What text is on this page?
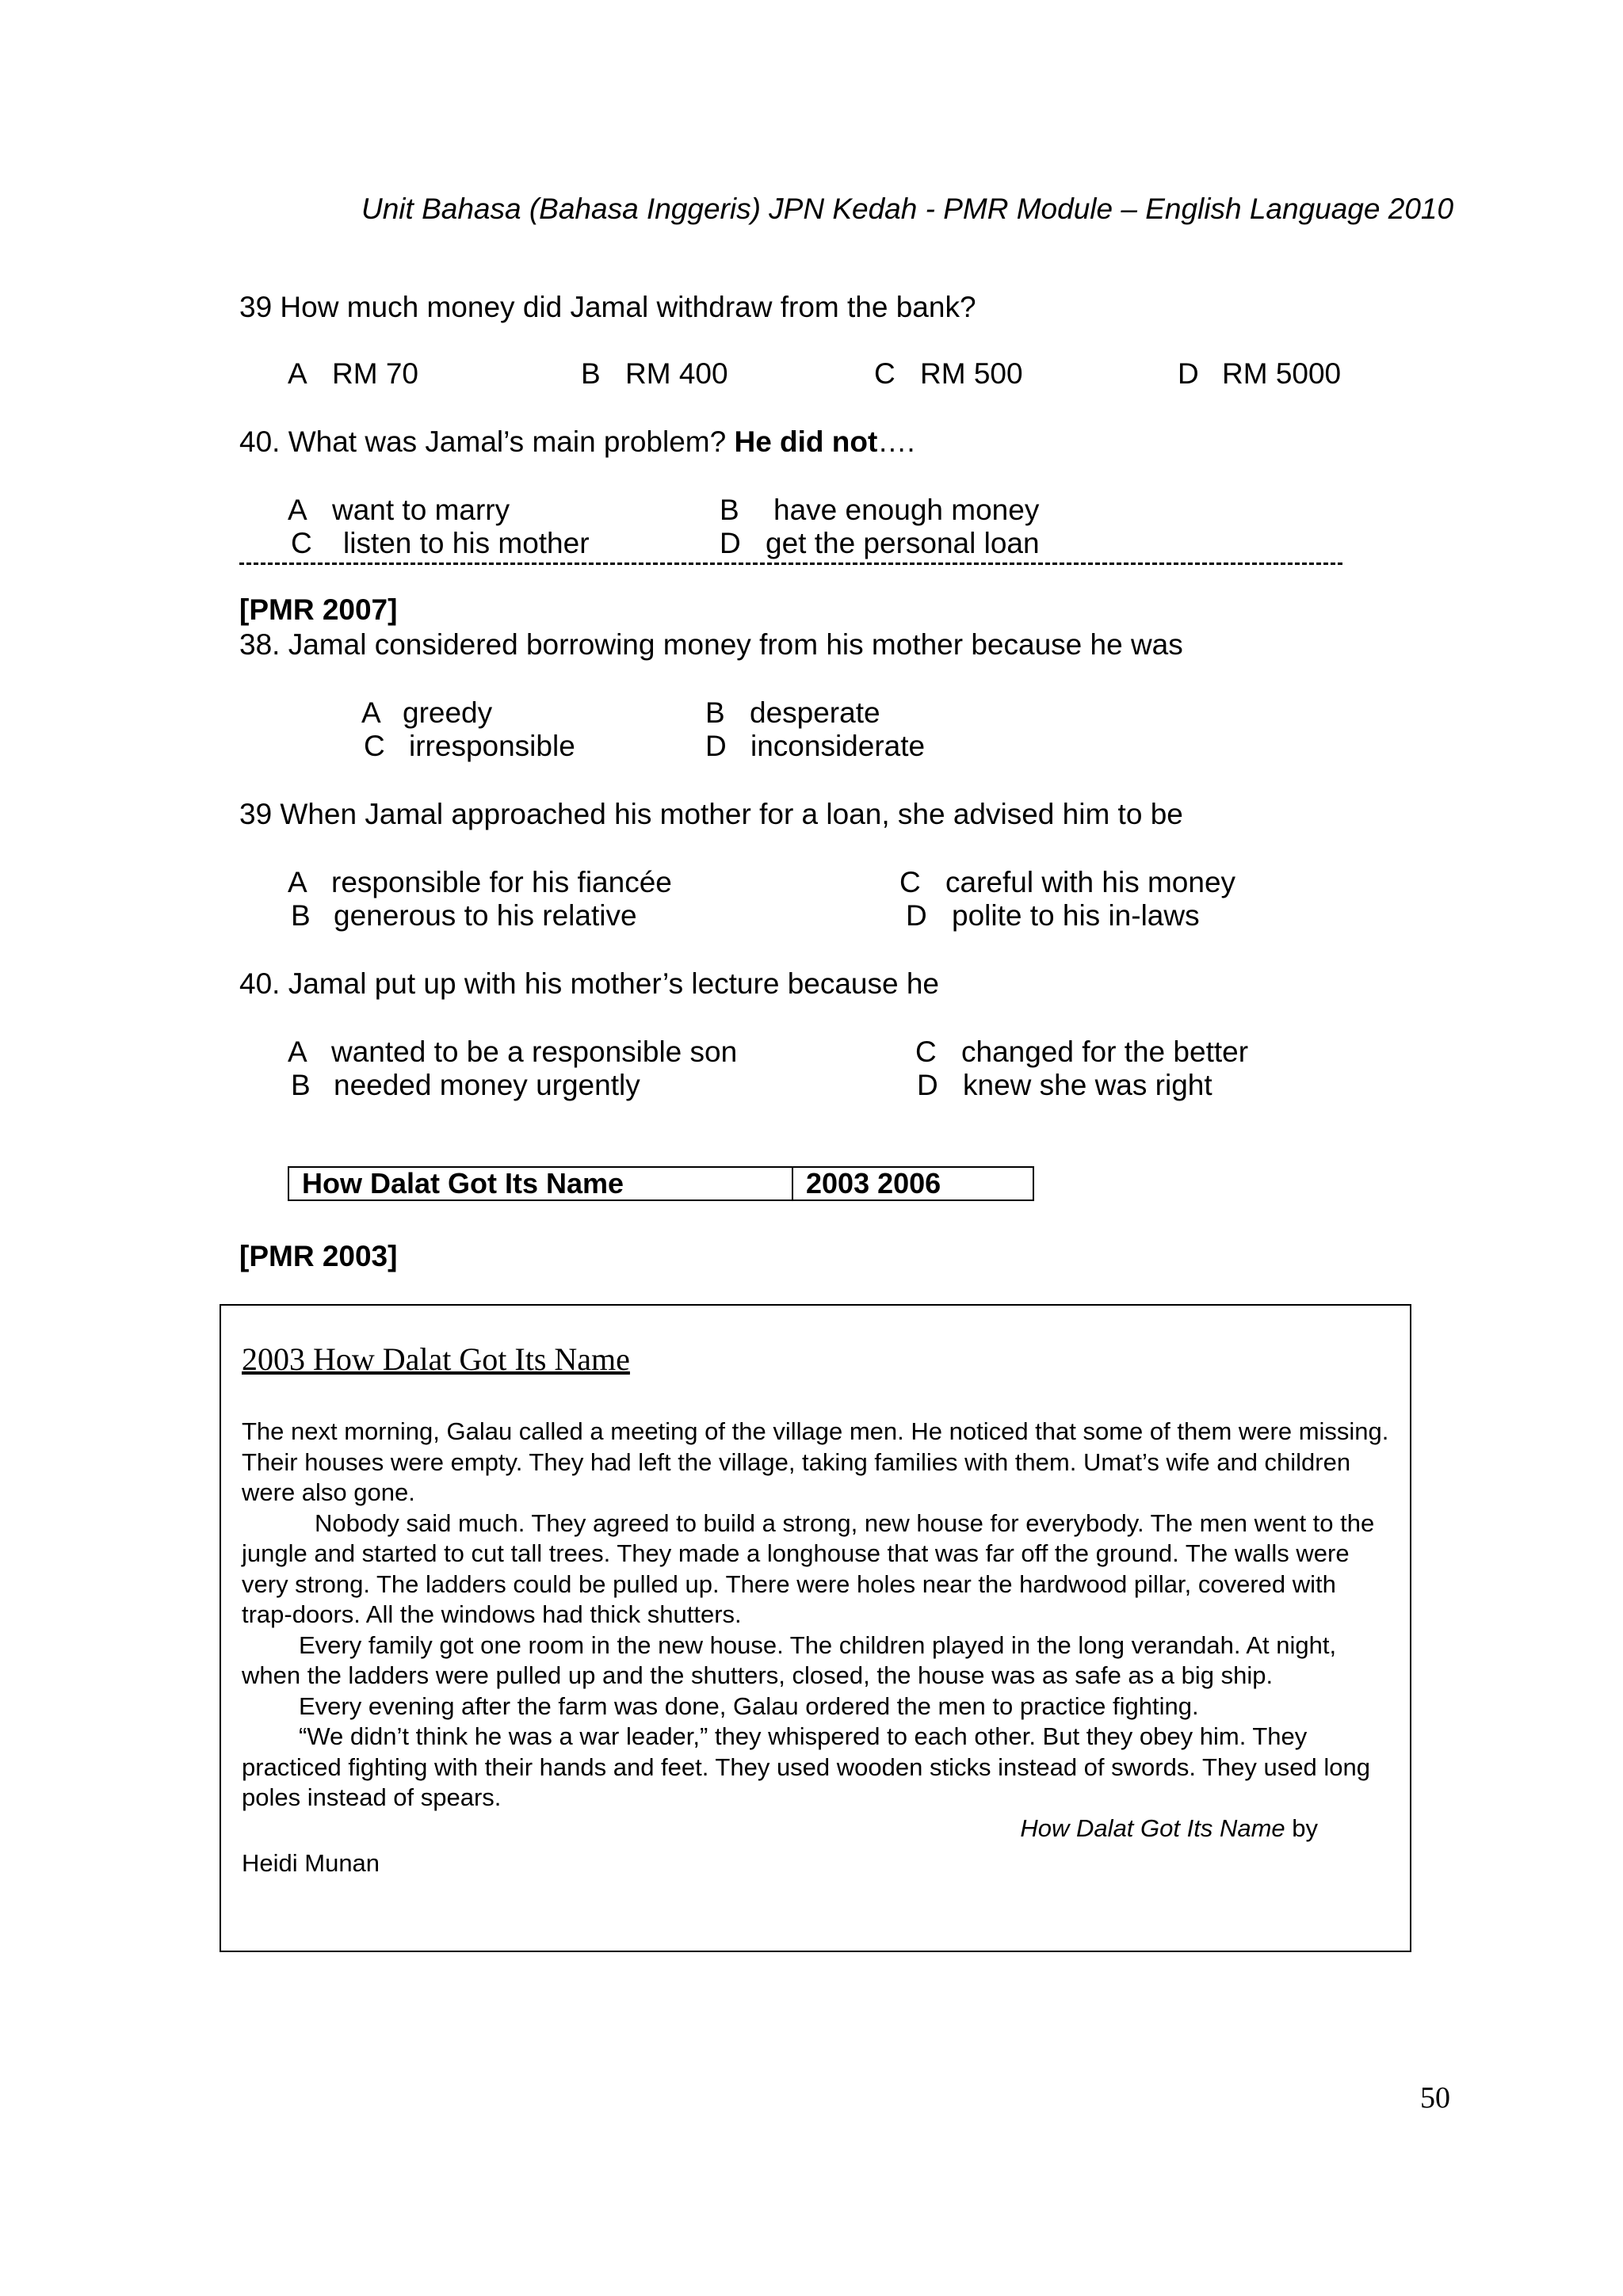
Unit Bahasa (Bahasa Inggeris) JPN Kedah - PMR Module – English Language 2010
39 How much money did Jamal withdraw from the bank?
A RM 70	B RM 400	C RM 500	D RM 5000
40. What was Jamal’s main problem? He did not….
A want to marry	B have enough money
C listen to his mother	D get the personal loan
[PMR 2007]
38. Jamal considered borrowing money from his mother because he was
A greedy	B desperate
C irresponsible	D inconsiderate
39 When Jamal approached his mother for a loan, she advised him to be
A responsible for his fiancée	C careful with his money
B generous to his relative	D polite to his in-laws
40. Jamal put up with his mother’s lecture because he
A wanted to be a responsible son	C changed for the better
B needed money urgently	D knew she was right
How Dalat Got Its Name	2003 2006
[PMR 2003]
2003 How Dalat Got Its Name

The next morning, Galau called a meeting of the village men. He noticed that some of them were missing.

Their houses were empty. They had left the village, taking families with them. Umat’s wife and children were also gone.

Nobody said much. They agreed to build a strong, new house for everybody. The men went to the jungle and started to cut tall trees. They made a longhouse that was far off the ground. The walls were very strong. The ladders could be pulled up. There were holes near the hardwood pillar, covered with trap-doors. All the windows had thick shutters.

Every family got one room in the new house. The children played in the long verandah. At night, when the ladders were pulled up and the shutters, closed, the house was as safe as a big ship.

Every evening after the farm was done, Galau ordered the men to practice fighting.

“We didn’t think he was a war leader,” they whispered to each other. But they obey him. They practiced fighting with their hands and feet. They used wooden sticks instead of swords. They used long poles instead of spears.

How Dalat Got Its Name by

Heidi Munan

50
